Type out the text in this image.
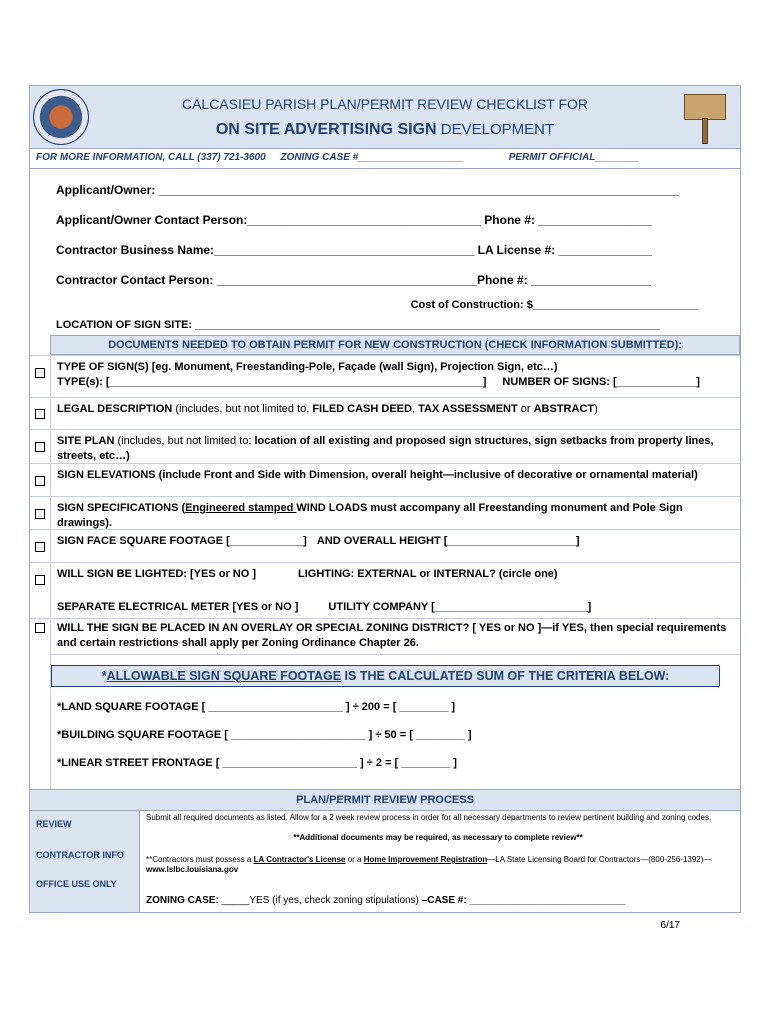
CALCASIEU PARISH PLAN/PERMIT REVIEW CHECKLIST FOR
ON SITE ADVERTISING SIGN DEVELOPMENT
FOR MORE INFORMATION, CALL (337) 721-3600 ZONING CASE #___________________	PERMIT OFFICIAL________
Applicant/Owner: ______________________________________________________________________________
Applicant/Owner Contact Person:___________________________________ Phone #: _________________
Contractor Business Name:_______________________________________ LA License #: ______________
Contractor Contact Person: _______________________________________Phone #: __________________
Cost of Construction: $___________________________
LOCATION OF SIGN SITE: ____________________________________________________________________________
DOCUMENTS NEEDED TO OBTAIN PERMIT FOR NEW CONSTRUCTION (CHECK INFORMATION SUBMITTED):
TYPE OF SIGN(S) [eg. Monument, Freestanding-Pole, Façade (wall Sign), Projection Sign, etc…)
TYPE(s): [_____________________________________________________________] NUMBER OF SIGNS: [_____________]
LEGAL DESCRIPTION (includes, but not limited to, FILED CASH DEED, TAX ASSESSMENT or ABSTRACT)
SITE PLAN (includes, but not limited to: location of all existing and proposed sign structures, sign setbacks from property lines, streets, etc…)
SIGN ELEVATIONS (include Front and Side with Dimension, overall height—inclusive of decorative or ornamental material)
SIGN SPECIFICATIONS (Engineered stamped WIND LOADS must accompany all Freestanding monument and Pole Sign drawings).
SIGN FACE SQUARE FOOTAGE [____________] AND OVERALL HEIGHT [_____________________]
WILL SIGN BE LIGHTED: [YES or NO ]	LIGHTING: EXTERNAL or INTERNAL? (circle one)
SEPARATE ELECTRICAL METER [YES or NO ]	UTILITY COMPANY [_________________________]
WILL THE SIGN BE PLACED IN AN OVERLAY OR SPECIAL ZONING DISTRICT? [ YES or NO ]—if YES, then special requirements and certain restrictions shall apply per Zoning Ordinance Chapter 26.
*ALLOWABLE SIGN SQUARE FOOTAGE IS THE CALCULATED SUM OF THE CRITERIA BELOW:
*LAND SQUARE FOOTAGE [ ______________________ ] ÷ 200 = [ ________ ]
*BUILDING SQUARE FOOTAGE [ ______________________ ] ÷ 50 = [ ________ ]
*LINEAR STREET FRONTAGE [ ______________________ ] ÷ 2 = [ ________ ]
PLAN/PERMIT REVIEW PROCESS
REVIEW
CONTRACTOR INFO
OFFICE USE ONLY
Submit all required documents as listed. Allow for a 2 week review process in order for all necessary departments to review pertinent building and zoning codes.
**Additional documents may be required, as necessary to complete review**
**Contractors must possess a LA Contractor's License or a Home Improvement Registration—LA State Licensing Board for Contractors—(800-256-1392)—www.lslbc.louisiana.gov
ZONING CASE: _____YES (if yes, check zoning stipulations) –CASE #: ____________________________
6/17
